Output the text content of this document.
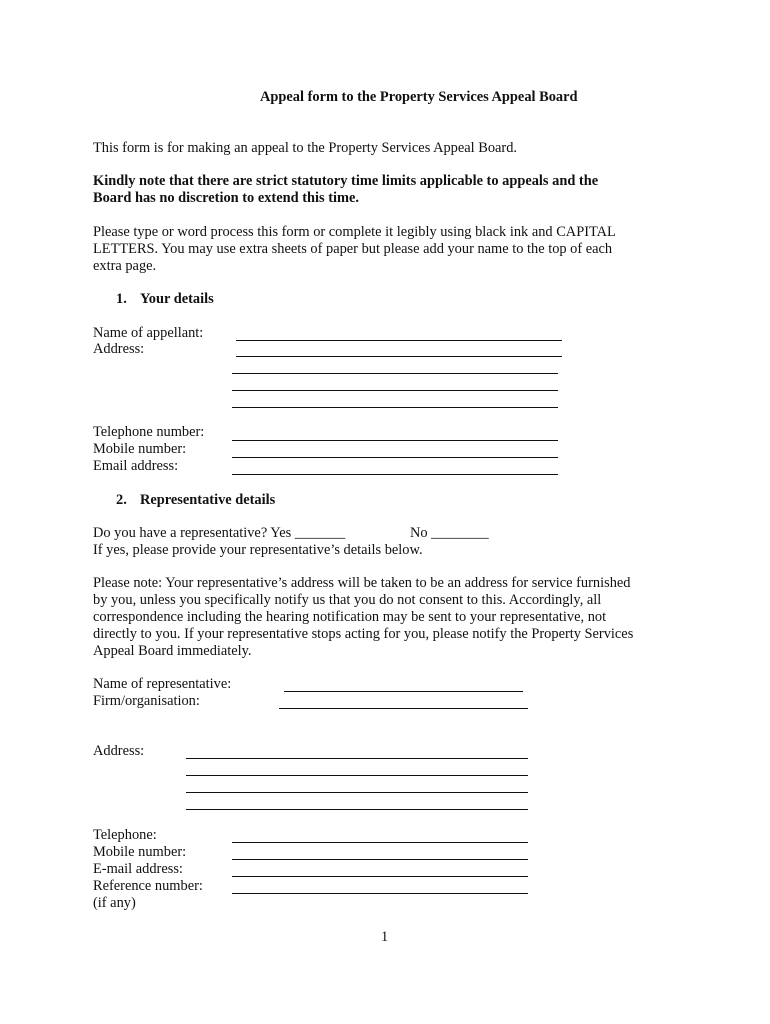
Appeal form to the Property Services Appeal Board
This form is for making an appeal to the Property Services Appeal Board.
Kindly note that there are strict statutory time limits applicable to appeals and the
Board has no discretion to extend this time.
Please type or word process this form or complete it legibly using black ink and CAPITAL
LETTERS. You may use extra sheets of paper but please add your name to the top of each
extra page.
1. Your details
Name of appellant:
Address:
Telephone number:
Mobile number:
Email address:
2. Representative details
Do you have a representative? Yes _______	No ________
If yes, please provide your representative’s details below.
Please note: Your representative’s address will be taken to be an address for service furnished
by you, unless you specifically notify us that you do not consent to this. Accordingly, all
correspondence including the hearing notification may be sent to your representative, not
directly to you. If your representative stops acting for you, please notify the Property Services
Appeal Board immediately.
Name of representative:
Firm/organisation:
Address:
Telephone:
Mobile number:
E-mail address:
Reference number:
(if any)
1
